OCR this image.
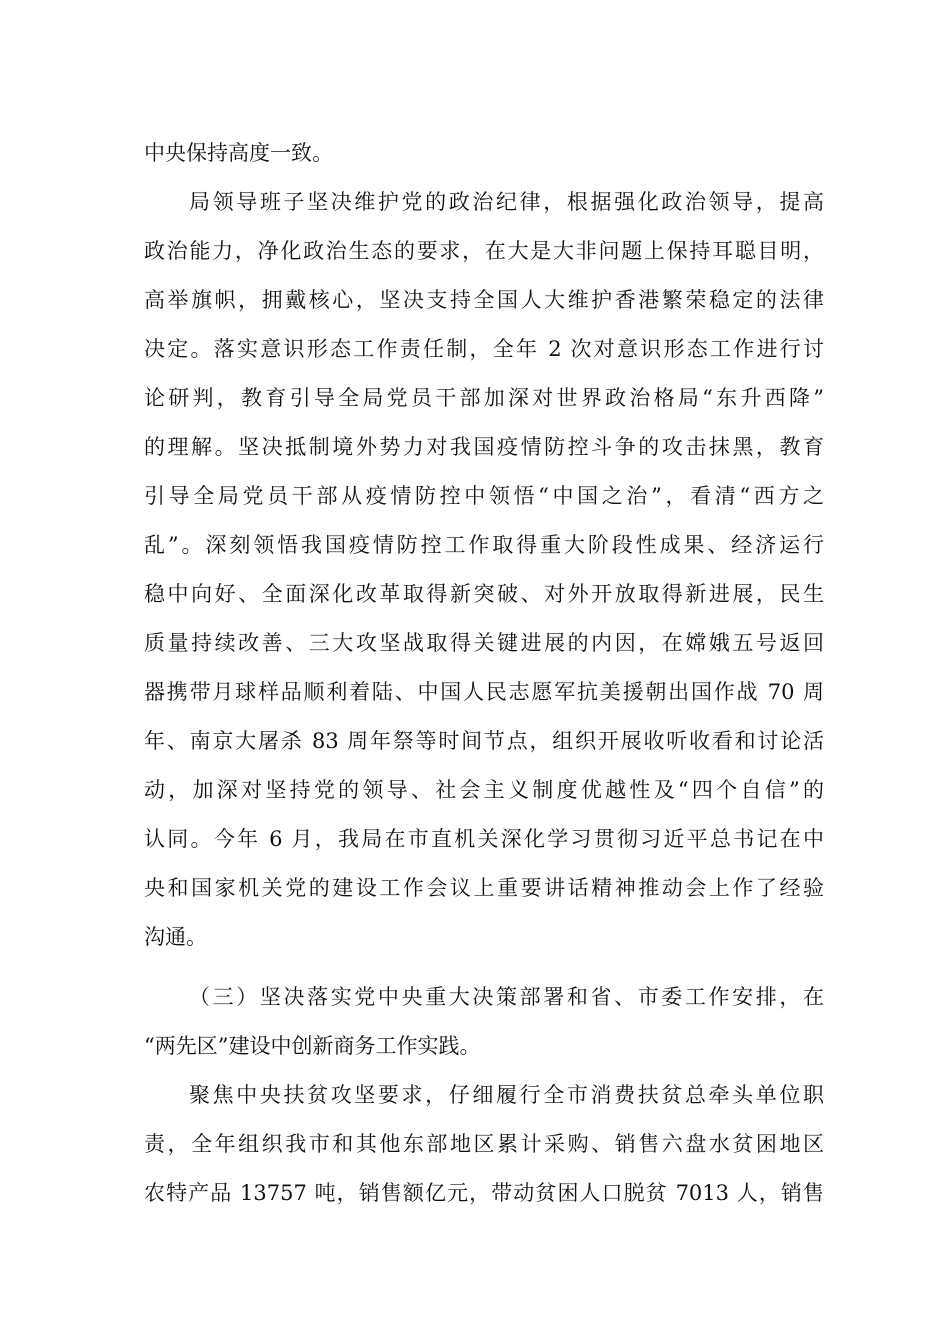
中央保持高度一致。
局领导班子坚决维护党的政治纪律，根据强化政治领导，提高
政治能力，净化政治生态的要求，在大是大非问题上保持耳聪目明，
高举旗帜，拥戴核心，坚决支持全国人大维护香港繁荣稳定的法律
决定。落实意识形态工作责任制，全年 2 次对意识形态工作进行讨
论研判，教育引导全局党员干部加深对世界政治格局“东升西降”
的理解。坚决抵制境外势力对我国疫情防控斗争的攻击抹黑，教育
引导全局党员干部从疫情防控中领悟“中国之治”，看清“西方之
乱”。深刻领悟我国疫情防控工作取得重大阶段性成果、经济运行
稳中向好、全面深化改革取得新突破、对外开放取得新进展，民生
质量持续改善、三大攻坚战取得关键进展的内因，在嫦娥五号返回
器携带月球样品顺利着陆、中国人民志愿军抗美援朝出国作战 70 周
年、南京大屠杀 83 周年祭等时间节点，组织开展收听收看和讨论活
动，加深对坚持党的领导、社会主义制度优越性及“四个自信”的
认同。今年 6 月，我局在市直机关深化学习贯彻习近平总书记在中
央和国家机关党的建设工作会议上重要讲话精神推动会上作了经验
沟通。
（三）坚决落实党中央重大决策部署和省、市委工作安排，在
“两先区”建设中创新商务工作实践。
聚焦中央扶贫攻坚要求，仔细履行全市消费扶贫总牵头单位职
责，全年组织我市和其他东部地区累计采购、销售六盘水贫困地区
农特产品 13757 吨，销售额亿元，带动贫困人口脱贫 7013 人，销售
